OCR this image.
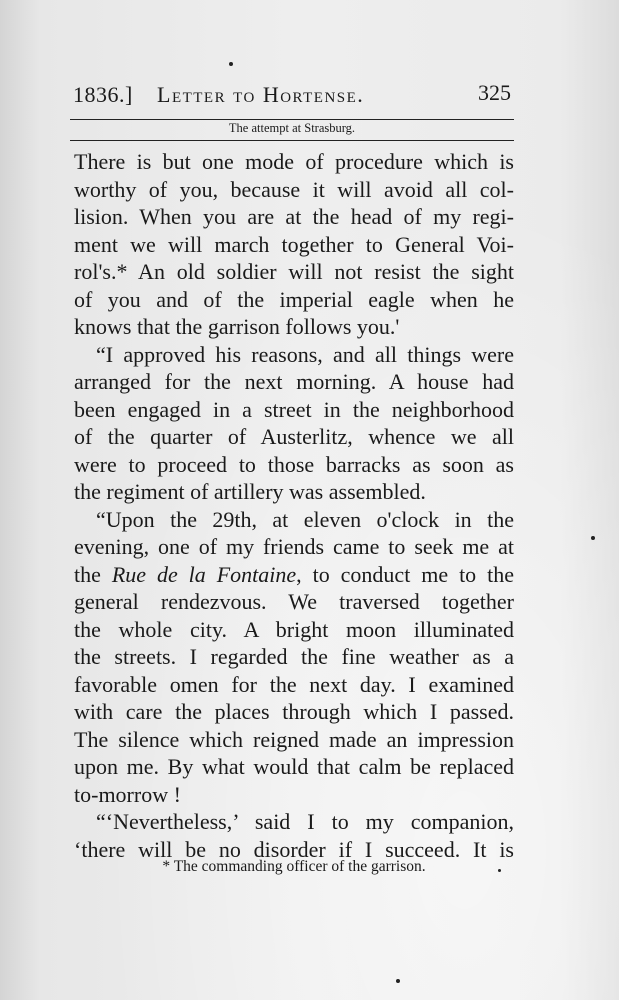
1836.] Letter to Hortense.	325
The attempt at Strasburg.
There is but one mode of procedure which is
worthy of you, because it will avoid all col-
lision. When you are at the head of my regi-
ment we will march together to General Voi-
rol's.* An old soldier will not resist the sight
of you and of the imperial eagle when he
knows that the garrison follows you.'
“I approved his reasons, and all things were
arranged for the next morning. A house had
been engaged in a street in the neighborhood
of the quarter of Austerlitz, whence we all
were to proceed to those barracks as soon as
the regiment of artillery was assembled.
“Upon the 29th, at eleven o'clock in the
evening, one of my friends came to seek me at
the Rue de la Fontaine, to conduct me to the
general rendezvous. We traversed together
the whole city. A bright moon illuminated
the streets. I regarded the fine weather as a
favorable omen for the next day. I examined
with care the places through which I passed.
The silence which reigned made an impression
upon me. By what would that calm be replaced
to-morrow !
“‘Nevertheless,’ said I to my companion,
‘there will be no disorder if I succeed. It is
* The commanding officer of the garrison.
